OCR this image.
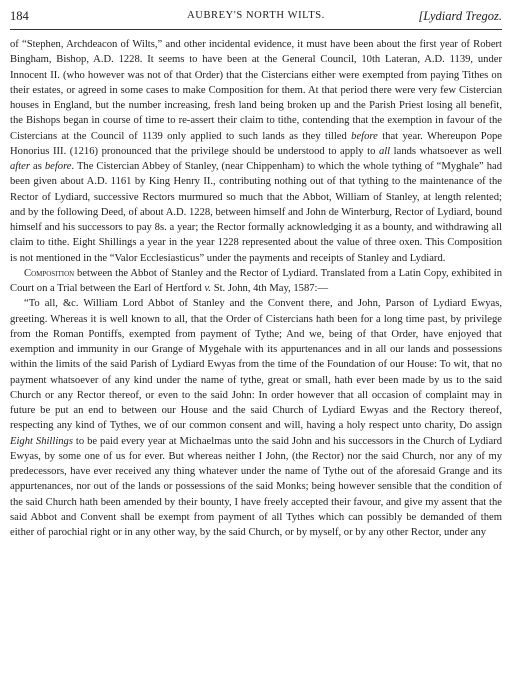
184	AUBREY'S NORTH WILTS.	[Lydiard Tregoz.

of “Stephen, Archdeacon of Wilts,” and other incidental evidence, it must have been about the first year of Robert Bingham, Bishop, A.D. 1228. It seems to have been at the General Council, 10th Lateran, A.D. 1139, under Innocent II. (who however was not of that Order) that the Cistercians either were exempted from paying Tithes on their estates, or agreed in some cases to make Composition for them. At that period there were very few Cistercian houses in England, but the number increasing, fresh land being broken up and the Parish Priest losing all benefit, the Bishops began in course of time to re-assert their claim to tithe, contending that the exemption in favour of the Cistercians at the Council of 1139 only applied to such lands as they tilled before that year. Whereupon Pope Honorius III. (1216) pronounced that the privilege should be understood to apply to all lands whatsoever as well after as before. The Cistercian Abbey of Stanley, (near Chippenham) to which the whole tything of “Myghale” had been given about A.D. 1161 by King Henry II., contributing nothing out of that tything to the maintenance of the Rector of Lydiard, successive Rectors murmured so much that the Abbot, William of Stanley, at length relented; and by the following Deed, of about A.D. 1228, between himself and John de Winterburg, Rector of Lydiard, bound himself and his successors to pay 8s. a year; the Rector formally acknowledging it as a bounty, and withdrawing all claim to tithe. Eight Shillings a year in the year 1228 represented about the value of three oxen. This Composition is not mentioned in the “Valor Ecclesiasticus” under the payments and receipts of Stanley and Lydiard.

Composition between the Abbot of Stanley and the Rector of Lydiard. Translated from a Latin Copy, exhibited in Court on a Trial between the Earl of Hertford v. St. John, 4th May, 1587:—

“To all, &c. William Lord Abbot of Stanley and the Convent there, and John, Parson of Lydiard Ewyas, greeting. Whereas it is well known to all, that the Order of Cistercians hath been for a long time past, by privilege from the Roman Pontiffs, exempted from payment of Tythe; And we, being of that Order, have enjoyed that exemption and immunity in our Grange of Mygehale with its appurtenances and in all our lands and possessions within the limits of the said Parish of Lydiard Ewyas from the time of the Foundation of our House: To wit, that no payment whatsoever of any kind under the name of tythe, great or small, hath ever been made by us to the said Church or any Rector thereof, or even to the said John: In order however that all occasion of complaint may in future be put an end to between our House and the said Church of Lydiard Ewyas and the Rectory thereof, respecting any kind of Tythes, we of our common consent and will, having a holy respect unto charity, Do assign Eight Shillings to be paid every year at Michaelmas unto the said John and his successors in the Church of Lydiard Ewyas, by some one of us for ever. But whereas neither I John, (the Rector) nor the said Church, nor any of my predecessors, have ever received any thing whatever under the name of Tythe out of the aforesaid Grange and its appurtenances, nor out of the lands or possessions of the said Monks; being however sensible that the condition of the said Church hath been amended by their bounty, I have freely accepted their favour, and give my assent that the said Abbot and Convent shall be exempt from payment of all Tythes which can possibly be demanded of them either of parochial right or in any other way, by the said Church, or by myself, or by any other Rector, under any
